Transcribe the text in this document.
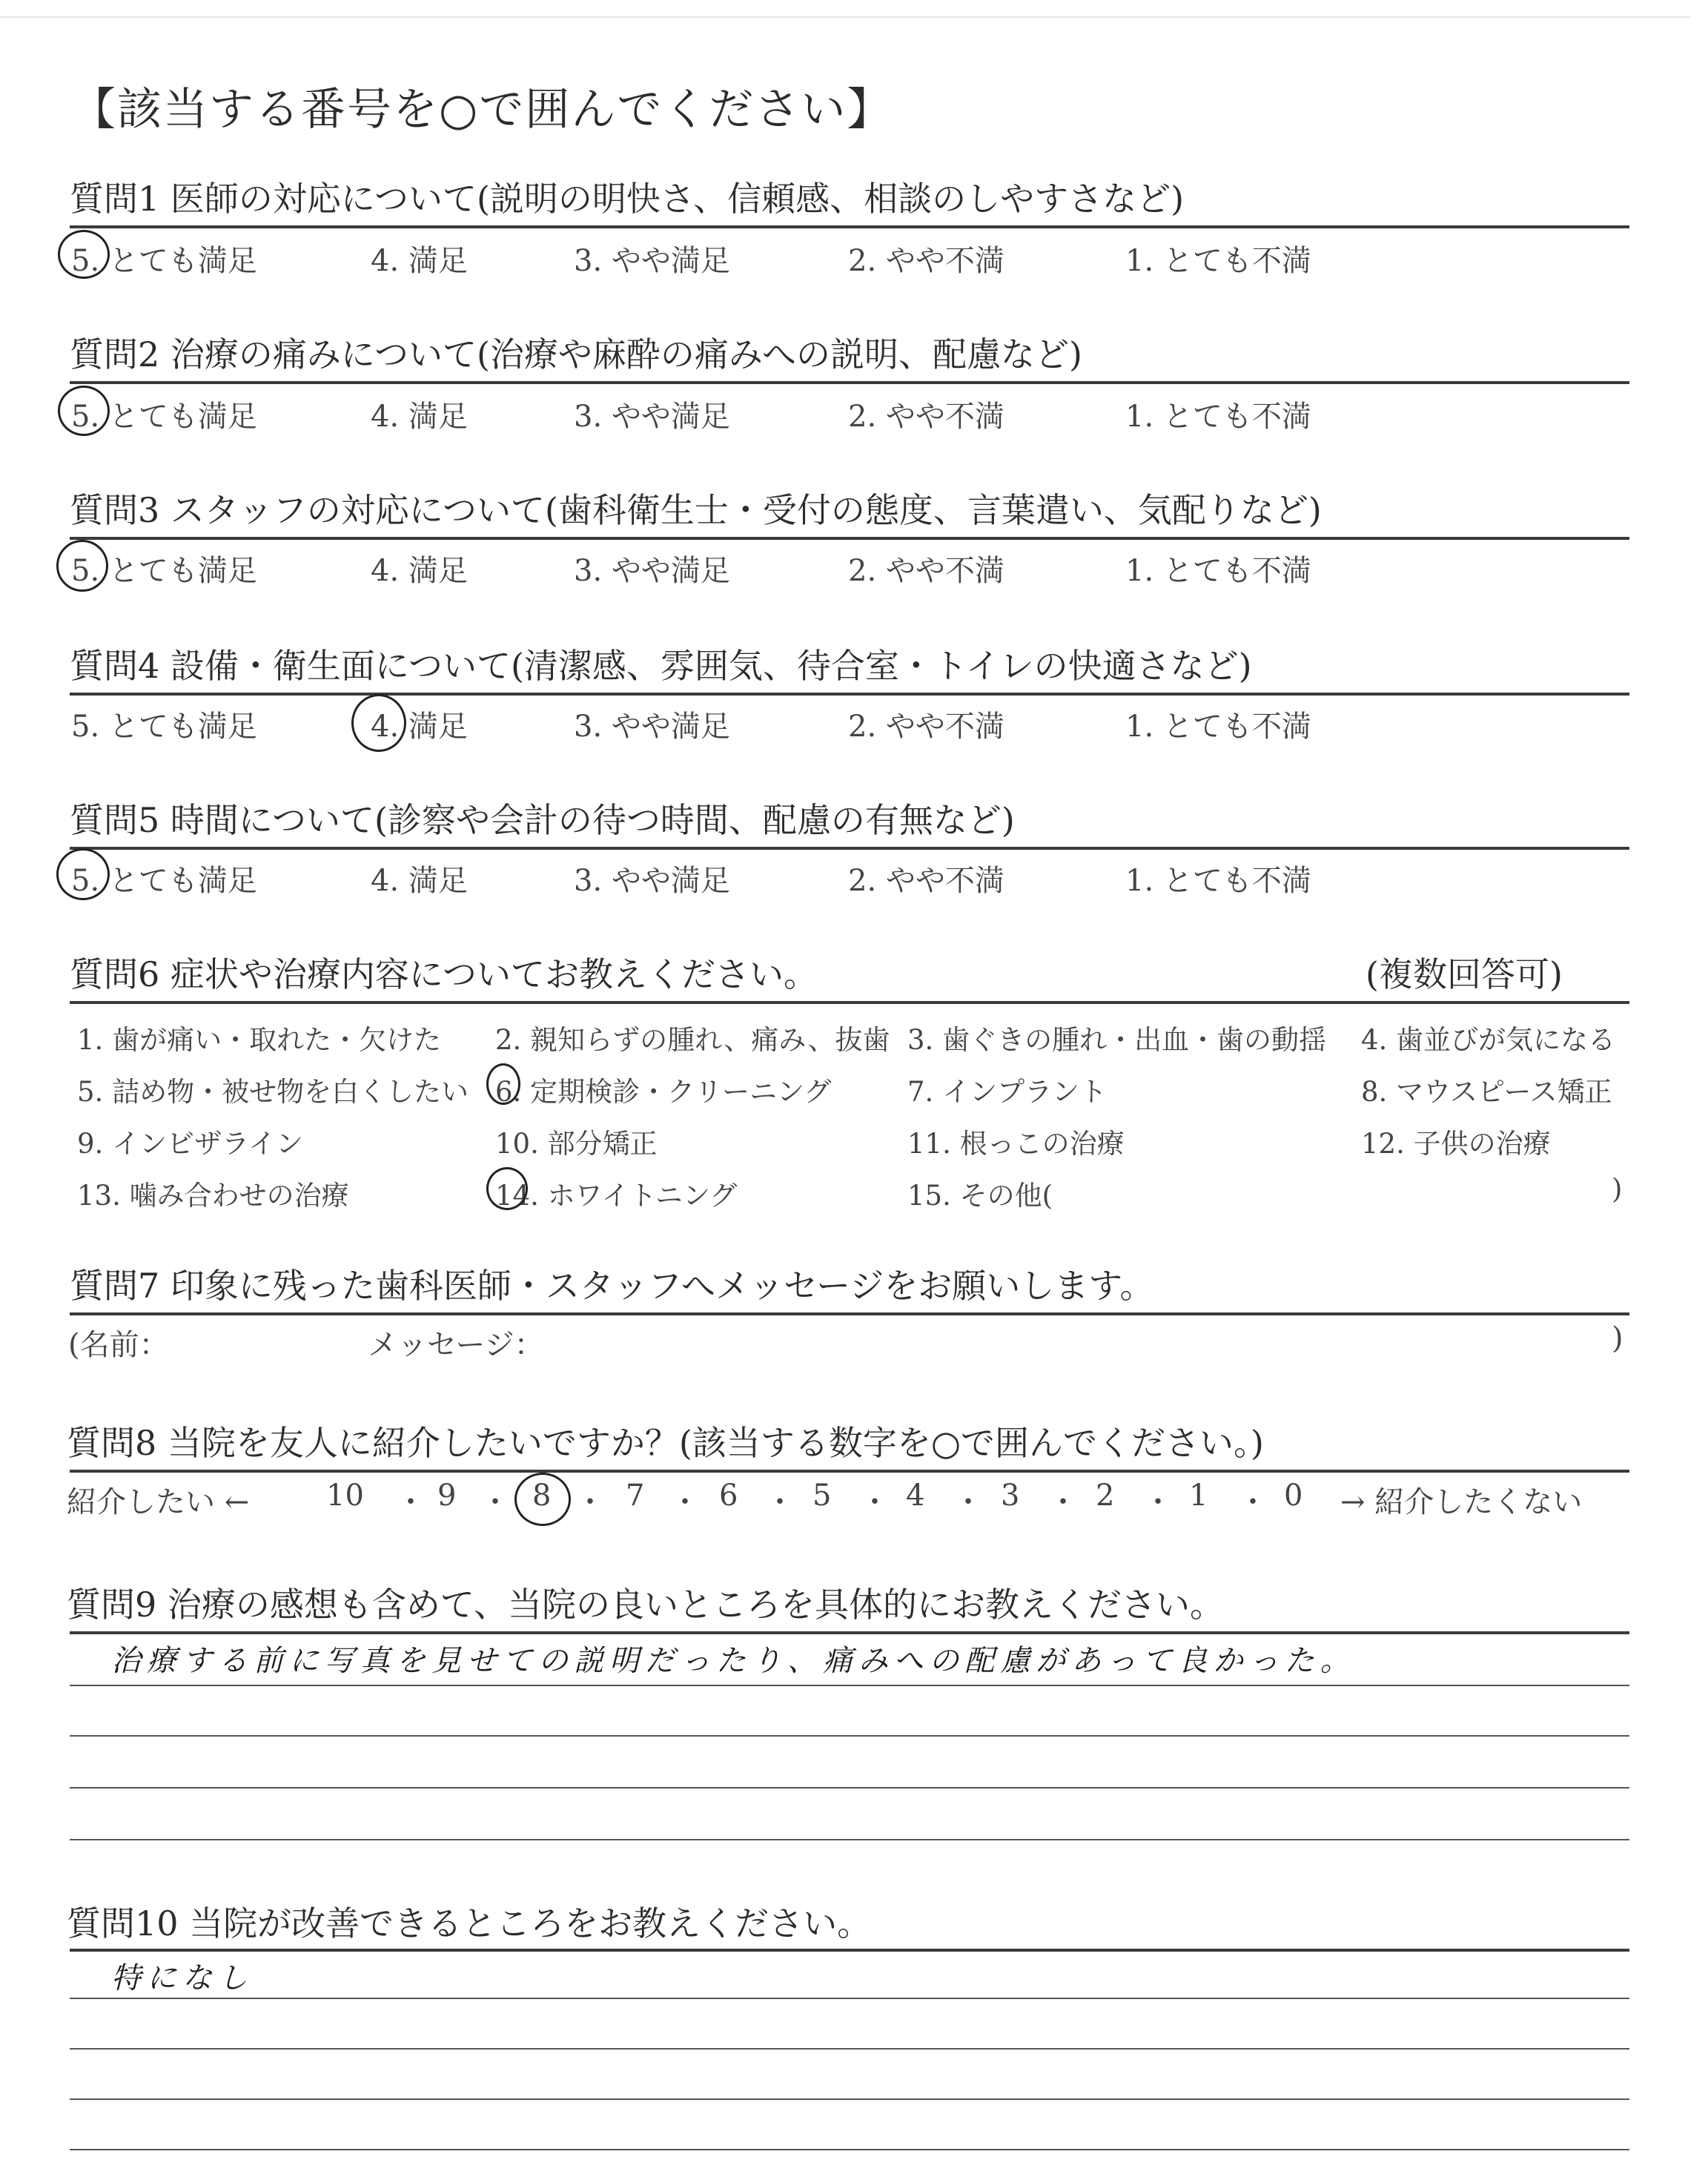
【該当する番号を○で囲んでください】
質問1 医師の対応について(説明の明快さ、信頼感、相談のしやすさなど)
5. とても満足	4. 満足	3. やや満足	2. やや不満	1. とても不満
質問2 治療の痛みについて(治療や麻酔の痛みへの説明、配慮など)
5. とても満足	4. 満足	3. やや満足	2. やや不満	1. とても不満
質問3 スタッフの対応について(歯科衛生士・受付の態度、言葉遣い、気配りなど)
5. とても満足	4. 満足	3. やや満足	2. やや不満	1. とても不満
質問4 設備・衛生面について(清潔感、雰囲気、待合室・トイレの快適さなど)
5. とても満足	4. 満足	3. やや満足	2. やや不満	1. とても不満
質問5 時間について(診察や会計の待つ時間、配慮の有無など)
5. とても満足	4. 満足	3. やや満足	2. やや不満	1. とても不満
質問6 症状や治療内容についてお教えください。	(複数回答可)
1. 歯が痛い・取れた・欠けた 2. 親知らずの腫れ、痛み、抜歯 3. 歯ぐきの腫れ・出血・歯の動揺 4. 歯並びが気になる
5. 詰め物・被せ物を白くしたい 6. 定期検診・クリーニング	7. インプラント	8. マウスピース矯正
9. インビザライン	10. 部分矯正	11. 根っこの治療	12. 子供の治療
13. 噛み合わせの治療	14. ホワイトニング	15. その他(	)
質問7 印象に残った歯科医師・スタッフへメッセージをお願いします。
(名前：	メッセージ：	)
質問8 当院を友人に紹介したいですか？(該当する数字を○で囲んでください。)
紹介したい ←	10 ・ 9 ・ 8 ・ 7 ・ 6 ・ 5 ・ 4 ・ 3 ・ 2 ・ 1 ・ 0 → 紹介したくない
質問9 治療の感想も含めて、当院の良いところを具体的にお教えください。
治療する前に写真を見せての説明だったり、痛みへの配慮があって良かった。
質問10 当院が改善できるところをお教えください。
特になし
